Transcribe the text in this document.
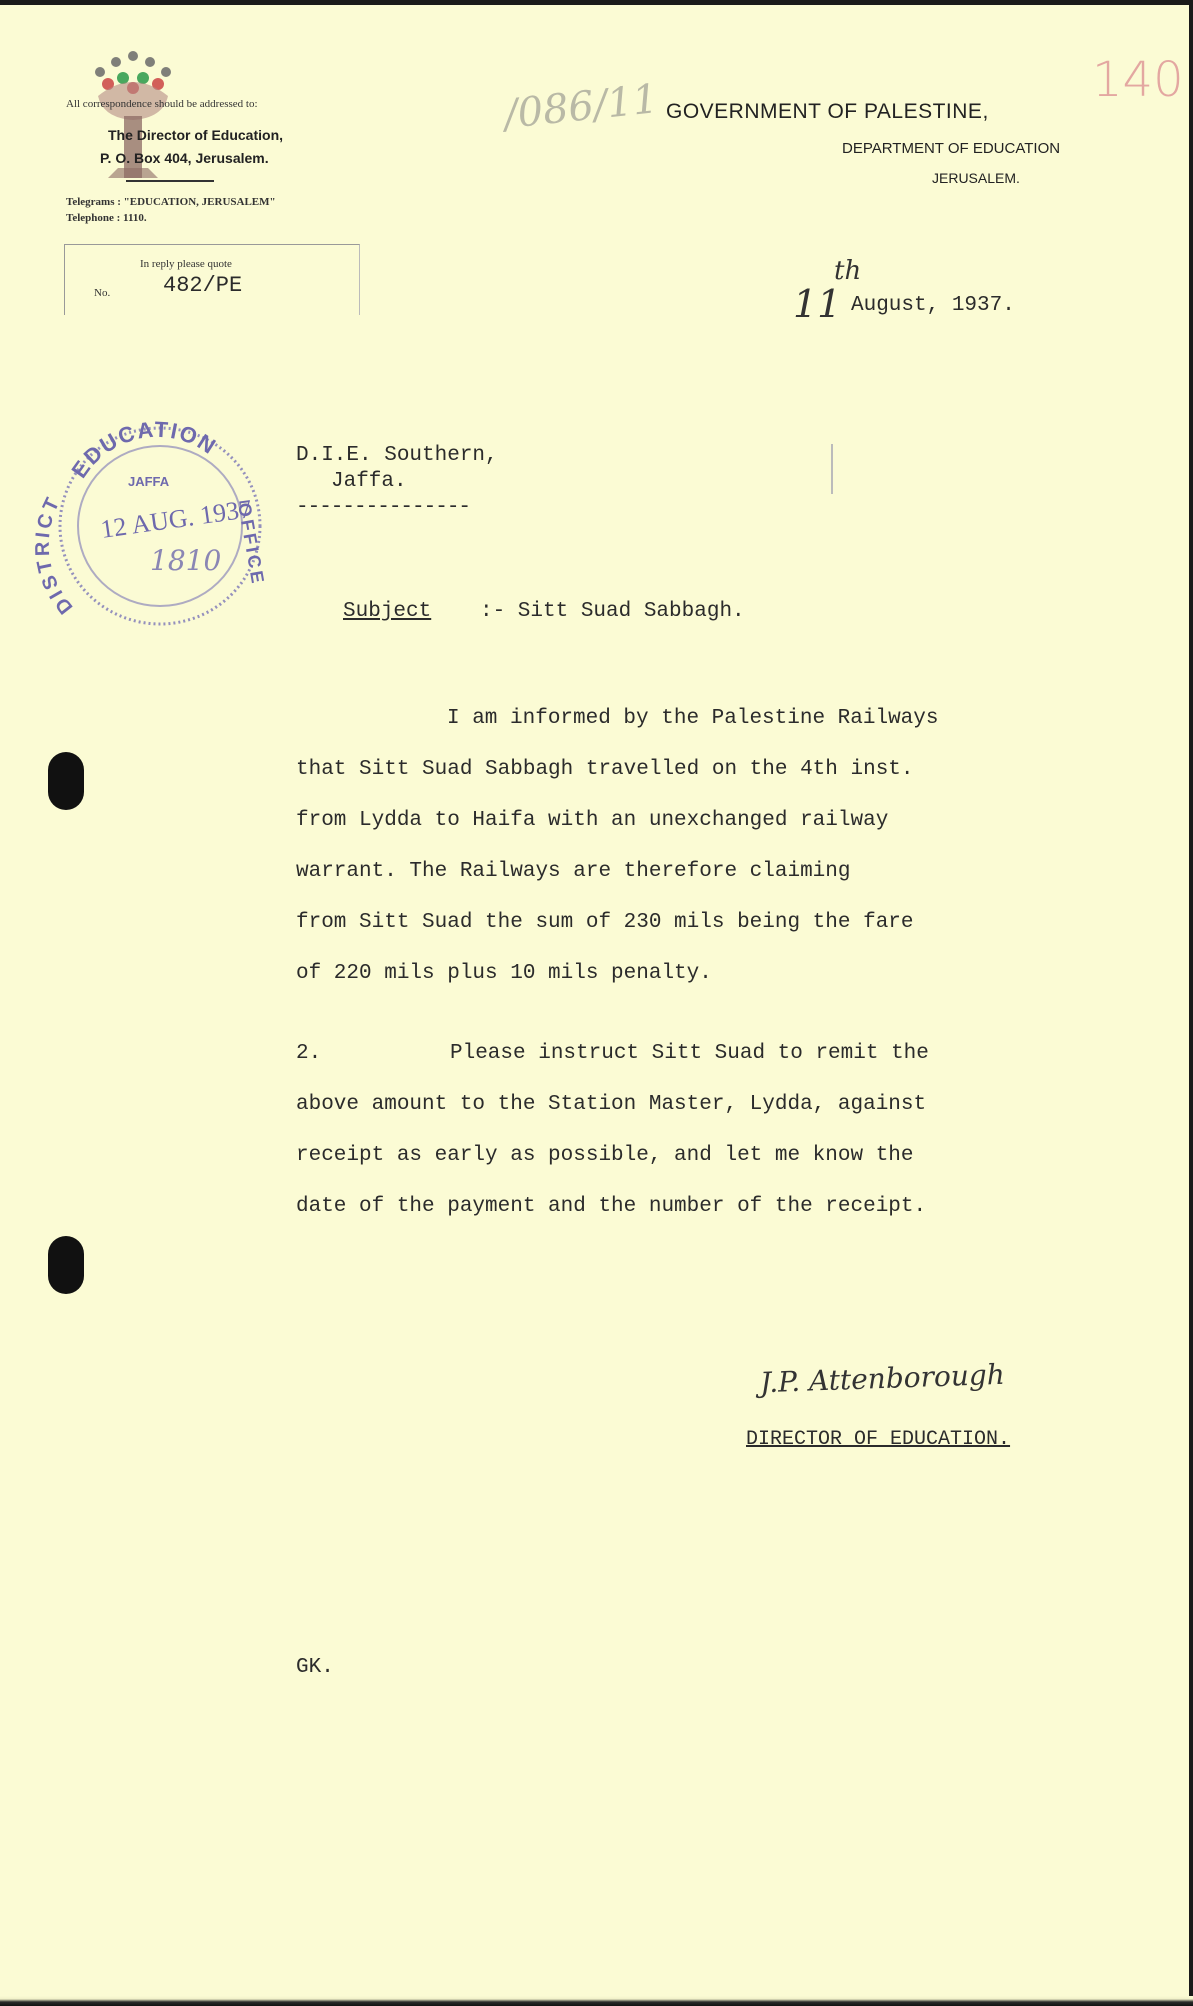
All correspondence should be addressed to:
The Director of Education,
P. O. Box 404, Jerusalem.
Telegrams : "EDUCATION, JERUSALEM"
Telephone : 1110.
In reply please quote
No. 482/PE
/086/11 GOVERNMENT OF PALESTINE,
DEPARTMENT OF EDUCATION
JERUSALEM.
140
11
th
August, 1937.
EDUCATION
DISTRICT	OFFICE
JAFFA
12 AUG. 1937
1810
D.I.E. Southern,
Jaffa.
---------------
Subject :- Sitt Suad Sabbagh.
I am informed by the Palestine Railways
that Sitt Suad Sabbagh travelled on the 4th inst.
from Lydda to Haifa with an unexchanged railway
warrant. The Railways are therefore claiming
from Sitt Suad the sum of 230 mils being the fare
of 220 mils plus 10 mils penalty.
2.	Please instruct Sitt Suad to remit the
above amount to the Station Master, Lydda, against
receipt as early as possible, and let me know the
date of the payment and the number of the receipt.
J.P. Attenborough
DIRECTOR OF EDUCATION.
GK.
